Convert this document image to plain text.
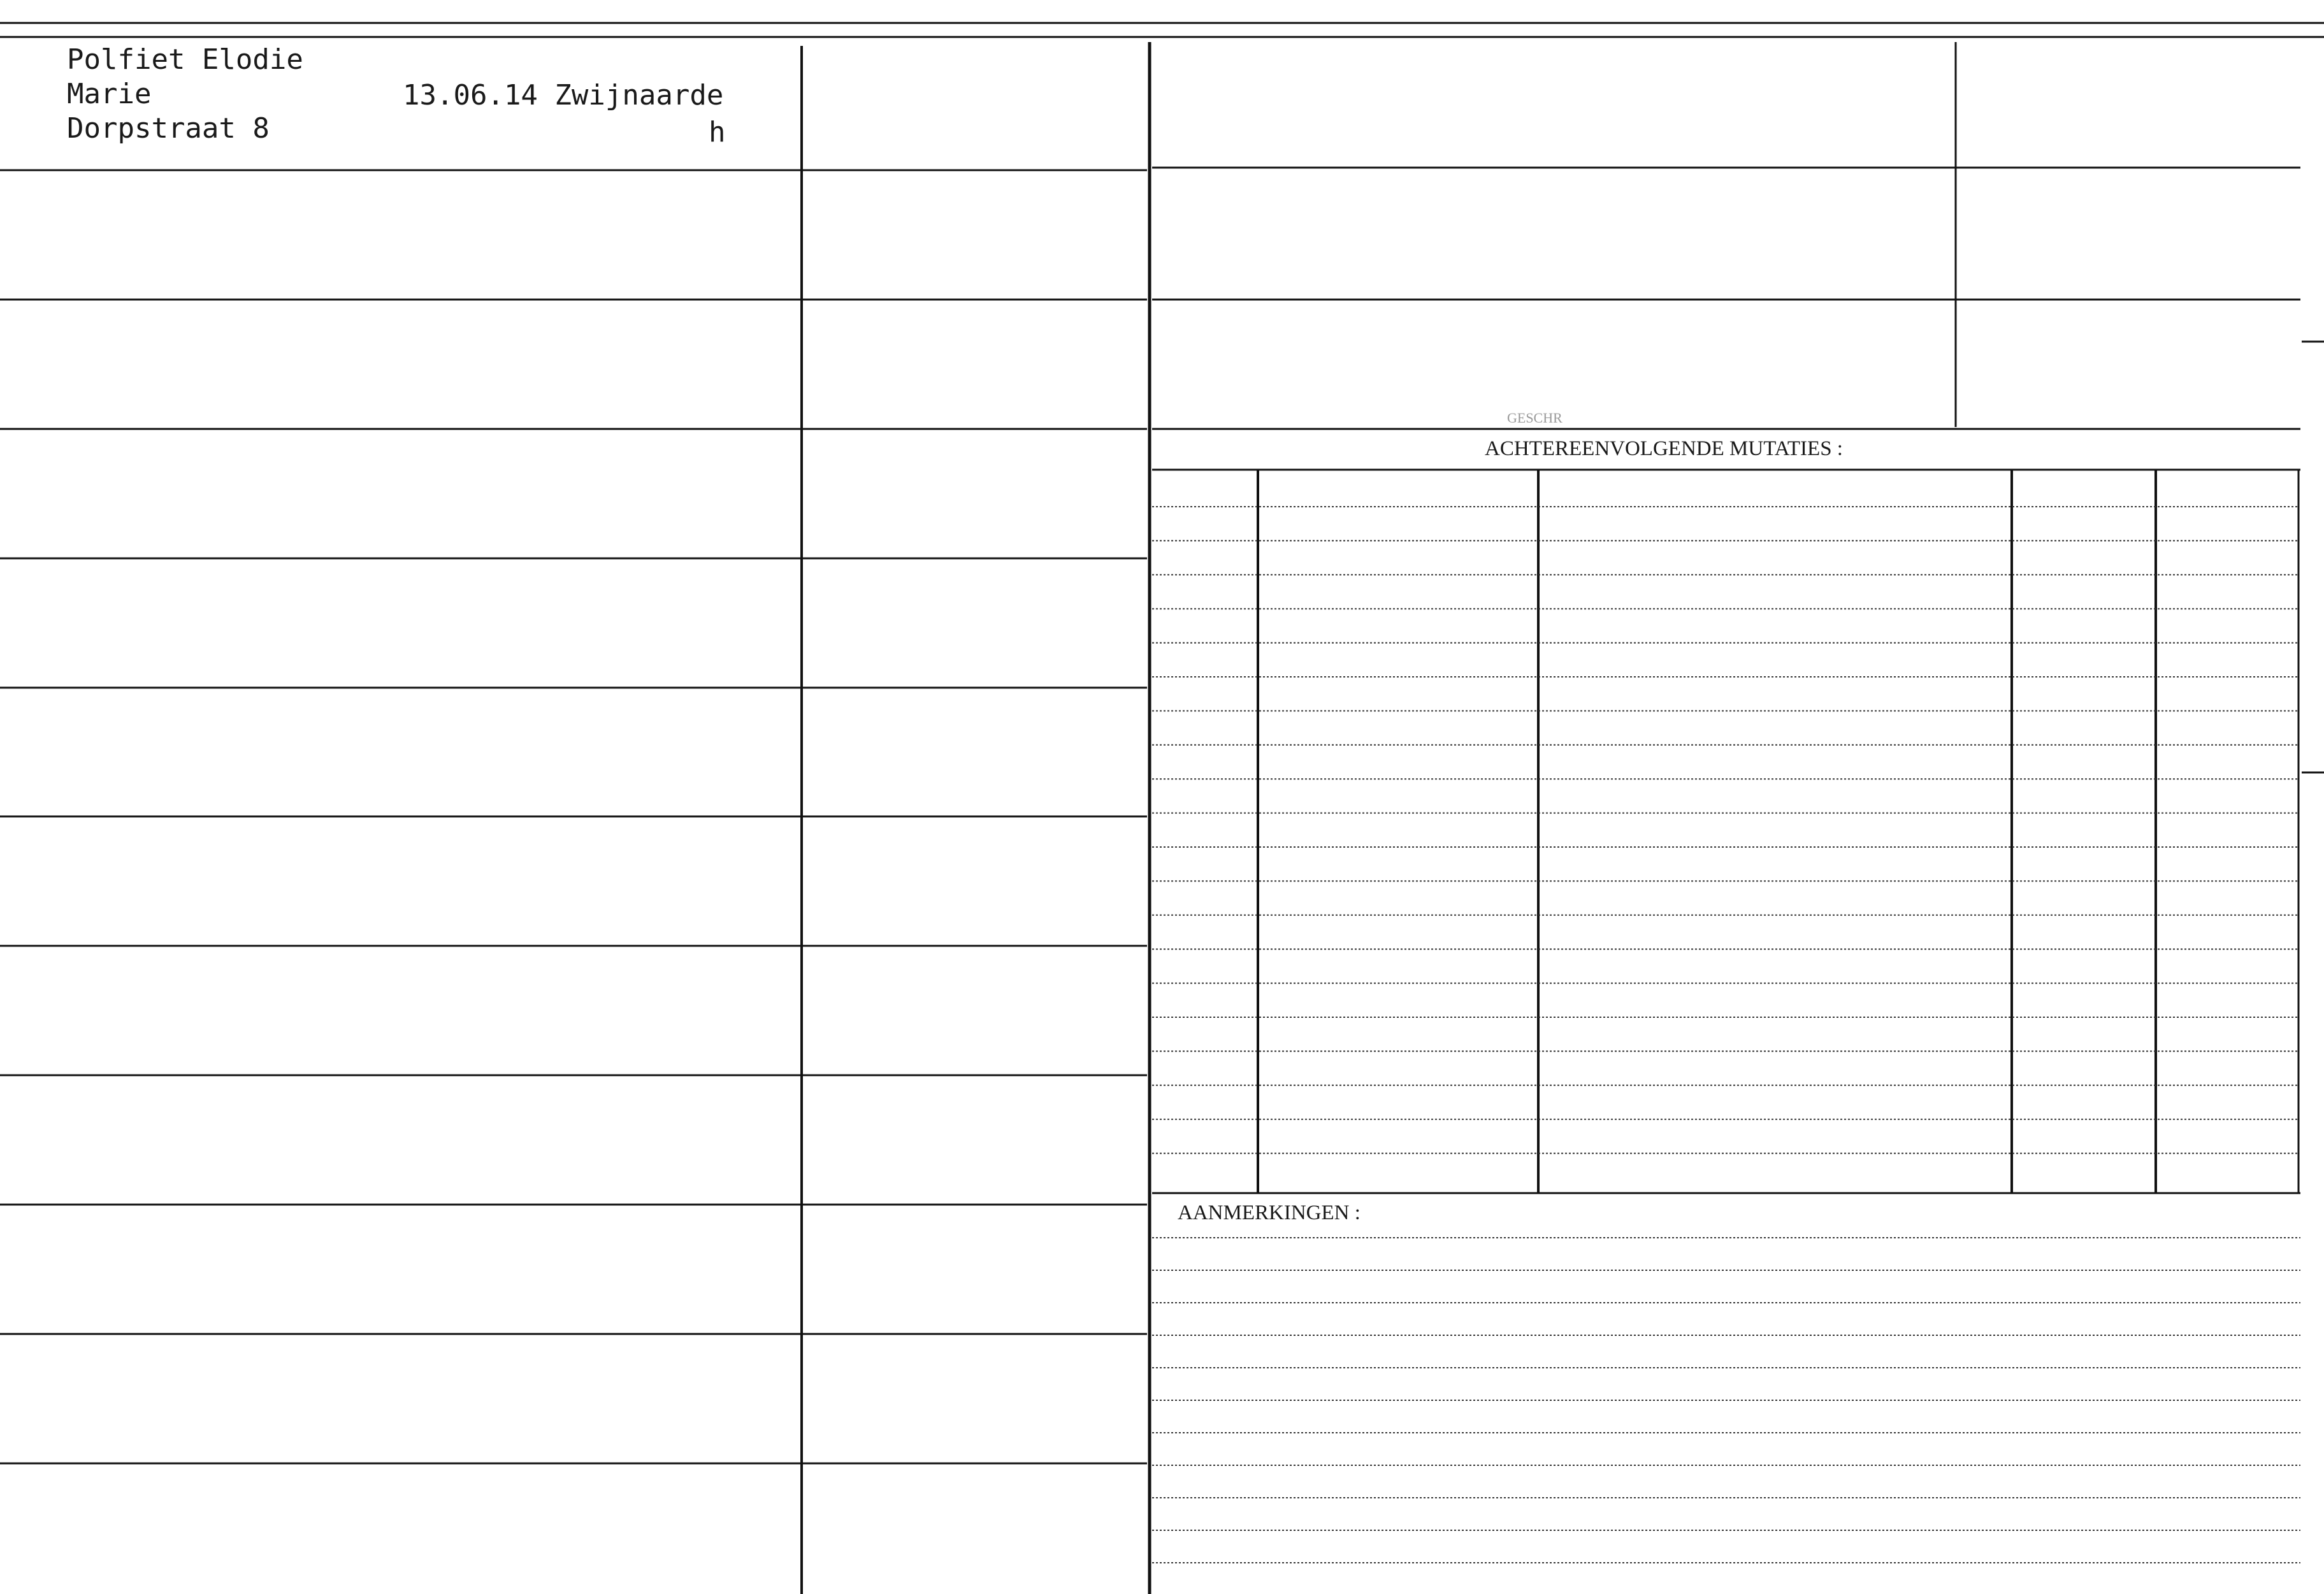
Polfiet Elodie
Marie
Dorpstraat 8
13.06.14 Zwijnaarde
h
GESCHR
ACHTEREENVOLGENDE MUTATIES :
AANMERKINGEN :
